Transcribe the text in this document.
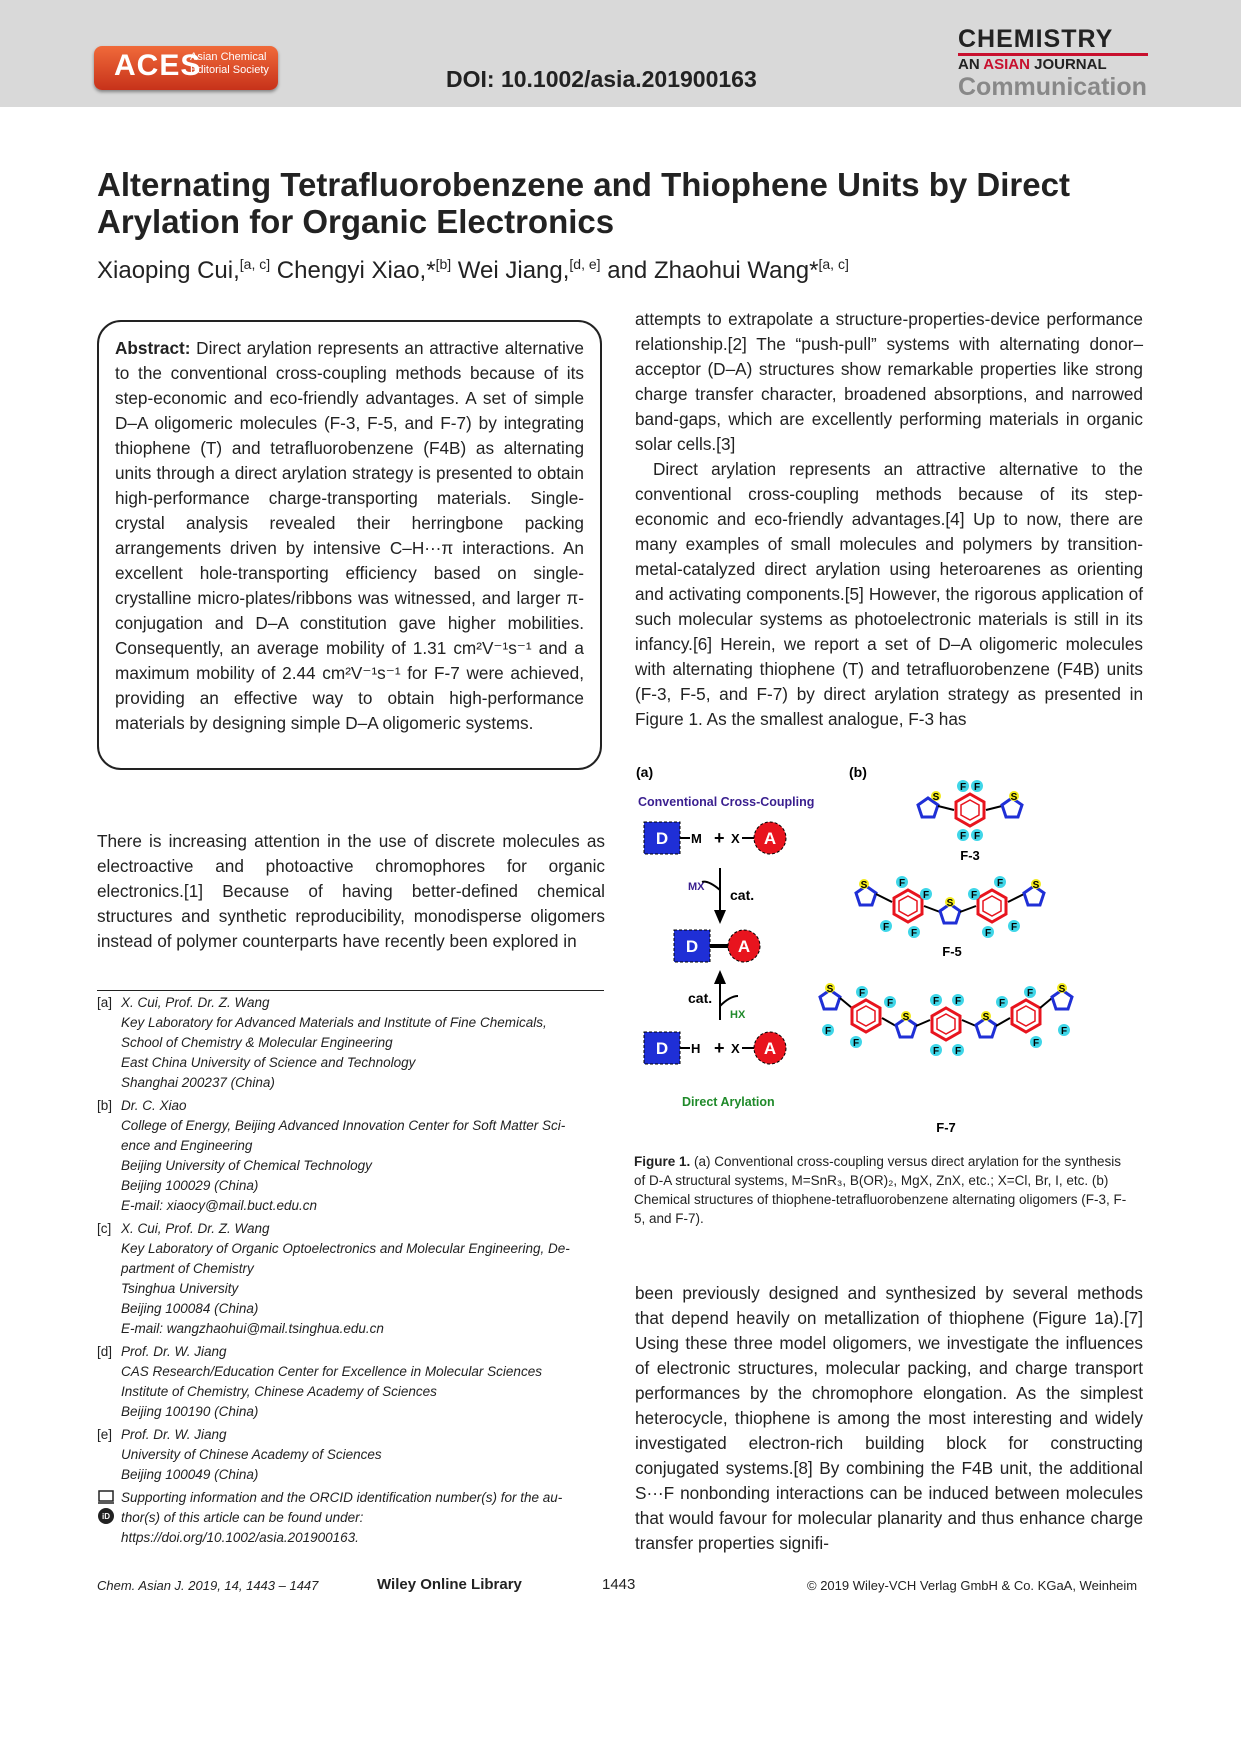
ACES
Asian Chemical
Editorial Society	DOI: 10.1002/asia.201900163
CHEMISTRY
AN ASIAN JOURNAL
Communication
Alternating Tetrafluorobenzene and Thiophene Units by Direct Arylation for Organic Electronics
Xiaoping Cui,[a, c] Chengyi Xiao,*[b] Wei Jiang,[d, e] and Zhaohui Wang*[a, c]
Abstract: Direct arylation represents an attractive alternative to the conventional cross-coupling methods because of its step-economic and eco-friendly advantages. A set of simple D–A oligomeric molecules (F-3, F-5, and F-7) by integrating thiophene (T) and tetrafluorobenzene (F4B) as alternating units through a direct arylation strategy is presented to obtain high-performance charge-transporting materials. Single-crystal analysis revealed their herringbone packing arrangements driven by intensive C–H···π interactions. An excellent hole-transporting efficiency based on single-crystalline micro-plates/ribbons was witnessed, and larger π-conjugation and D–A constitution gave higher mobilities. Consequently, an average mobility of 1.31 cm²V⁻¹s⁻¹ and a maximum mobility of 2.44 cm²V⁻¹s⁻¹ for F-7 were achieved, providing an effective way to obtain high-performance materials by designing simple D–A oligomeric systems.

There is increasing attention in the use of discrete molecules as electroactive and photoactive chromophores for organic electronics.[1] Because of having better-defined chemical structures and synthetic reproducibility, monodisperse oligomers instead of polymer counterparts have recently been explored in

attempts to extrapolate a structure-properties-device performance relationship.[2] The “push-pull” systems with alternating donor–acceptor (D–A) structures show remarkable properties like strong charge transfer character, broadened absorptions, and narrowed band-gaps, which are excellently performing materials in organic solar cells.[3]

Direct arylation represents an attractive alternative to the conventional cross-coupling methods because of its step-economic and eco-friendly advantages.[4] Up to now, there are many examples of small molecules and polymers by transition-metal-catalyzed direct arylation using heteroarenes as orienting and activating components.[5] However, the rigorous application of such molecular systems as photoelectronic materials is still in its infancy.[6] Herein, we report a set of D–A oligomeric molecules with alternating thiophene (T) and tetrafluorobenzene (F4B) units (F-3, F-5, and F-7) by direct arylation strategy as presented in Figure 1. As the smallest analogue, F-3 has

been previously designed and synthesized by several methods that depend heavily on metallization of thiophene (Figure 1a).[7] Using these three model oligomers, we investigate the influences of electronic structures, molecular packing, and charge transport performances by the chromophore elongation. As the simplest heterocycle, thiophene is among the most interesting and widely investigated electron-rich building block for constructing conjugated systems.[8] By combining the F4B unit, the additional S···F nonbonding interactions can be induced between molecules that would favour for molecular planarity and thus enhance charge transfer properties signifi-

[a] X. Cui, Prof. Dr. Z. Wang
Key Laboratory for Advanced Materials and Institute of Fine Chemicals,
School of Chemistry & Molecular Engineering
East China University of Science and Technology
Shanghai 200237 (China)
[b] Dr. C. Xiao
College of Energy, Beijing Advanced Innovation Center for Soft Matter Sci-
ence and Engineering
Beijing University of Chemical Technology
Beijing 100029 (China)
E-mail: xiaocy@mail.buct.edu.cn
[c] X. Cui, Prof. Dr. Z. Wang
Key Laboratory of Organic Optoelectronics and Molecular Engineering, De-
partment of Chemistry
Tsinghua University
Beijing 100084 (China)
E-mail: wangzhaohui@mail.tsinghua.edu.cn
[d] Prof. Dr. W. Jiang
CAS Research/Education Center for Excellence in Molecular Sciences
Institute of Chemistry, Chinese Academy of Sciences
Beijing 100190 (China)
[e] Prof. Dr. W. Jiang
University of Chinese Academy of Sciences
Beijing 100049 (China)
iD
Supporting information and the ORCID identification number(s) for the au-
thor(s) of this article can be found under:
https://doi.org/10.1002/asia.201900163.
(a)	(b)
Conventional Cross-Coupling
D M + X A
MX cat.
D A
cat.
HX
D H + X A
Direct Arylation
F F
F F
S	S
F-3
F
F
F
F
F
F
F
F
S
S
S
F-5
F
F
F
F
F F
F F
F
F
F
F
S
S	S
S
F-7
Figure 1. (a) Conventional cross-coupling versus direct arylation for the synthesis of D-A structural systems, M=SnR₃, B(OR)₂, MgX, ZnX, etc.; X=Cl, Br, I, etc. (b) Chemical structures of thiophene-tetrafluorobenzene alternating oligomers (F-3, F-5, and F-7).
Chem. Asian J. 2019, 14, 1443 – 1447	Wiley Online Library	1443	© 2019 Wiley-VCH Verlag GmbH & Co. KGaA, Weinheim
